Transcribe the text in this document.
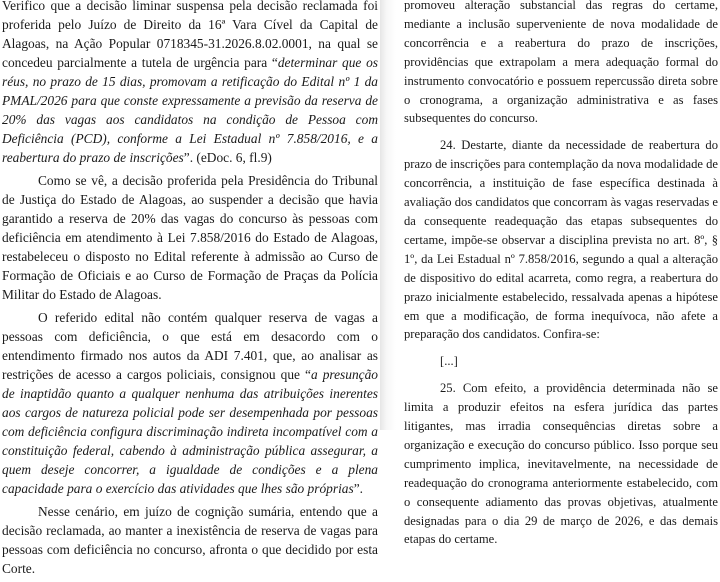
Verifico que a decisão liminar suspensa pela decisão reclamada foi proferida pelo Juízo de Direito da 16ª Vara Cível da Capital de Alagoas, na Ação Popular 0718345-31.2026.8.02.0001, na qual se concedeu parcialmente a tutela de urgência para “determinar que os réus, no prazo de 15 dias, promovam a retificação do Edital nº 1 da PMAL/2026 para que conste expressamente a previsão da reserva de 20% das vagas aos candidatos na condição de Pessoa com Deficiência (PCD), conforme a Lei Estadual nº 7.858/2016, e a reabertura do prazo de inscrições”. (eDoc. 6, fl.9)

Como se vê, a decisão proferida pela Presidência do Tribunal de Justiça do Estado de Alagoas, ao suspender a decisão que havia garantido a reserva de 20% das vagas do concurso às pessoas com deficiência em atendimento à Lei 7.858/2016 do Estado de Alagoas, restabeleceu o disposto no Edital referente à admissão ao Curso de Formação de Oficiais e ao Curso de Formação de Praças da Polícia Militar do Estado de Alagoas.

O referido edital não contém qualquer reserva de vagas a pessoas com deficiência, o que está em desacordo com o entendimento firmado nos autos da ADI 7.401, que, ao analisar as restrições de acesso a cargos policiais, consignou que “a presunção de inaptidão quanto a qualquer nenhuma das atribuições inerentes aos cargos de natureza policial pode ser desempenhada por pessoas com deficiência configura discriminação indireta incompatível com a constituição federal, cabendo à administração pública assegurar, a quem deseje concorrer, a igualdade de condições e a plena capacidade para o exercício das atividades que lhes são próprias”.

Nesse cenário, em juízo de cognição sumária, entendo que a decisão reclamada, ao manter a inexistência de reserva de vagas para pessoas com deficiência no concurso, afronta o que decidido por esta Corte.

promoveu alteração substancial das regras do certame, mediante a inclusão superveniente de nova modalidade de concorrência e a reabertura do prazo de inscrições, providências que extrapolam a mera adequação formal do instrumento convocatório e possuem repercussão direta sobre o cronograma, a organização administrativa e as fases subsequentes do concurso.

24. Destarte, diante da necessidade de reabertura do prazo de inscrições para contemplação da nova modalidade de concorrência, a instituição de fase específica destinada à avaliação dos candidatos que concorram às vagas reservadas e da consequente readequação das etapas subsequentes do certame, impõe-se observar a disciplina prevista no art. 8º, § 1º, da Lei Estadual nº 7.858/2016, segundo a qual a alteração de dispositivo do edital acarreta, como regra, a reabertura do prazo inicialmente estabelecido, ressalvada apenas a hipótese em que a modificação, de forma inequívoca, não afete a preparação dos candidatos. Confira-se:

[...]

25. Com efeito, a providência determinada não se limita a produzir efeitos na esfera jurídica das partes litigantes, mas irradia consequências diretas sobre a organização e execução do concurso público. Isso porque seu cumprimento implica, inevitavelmente, na necessidade de readequação do cronograma anteriormente estabelecido, com o consequente adiamento das provas objetivas, atualmente designadas para o dia 29 de março de 2026, e das demais etapas do certame.
